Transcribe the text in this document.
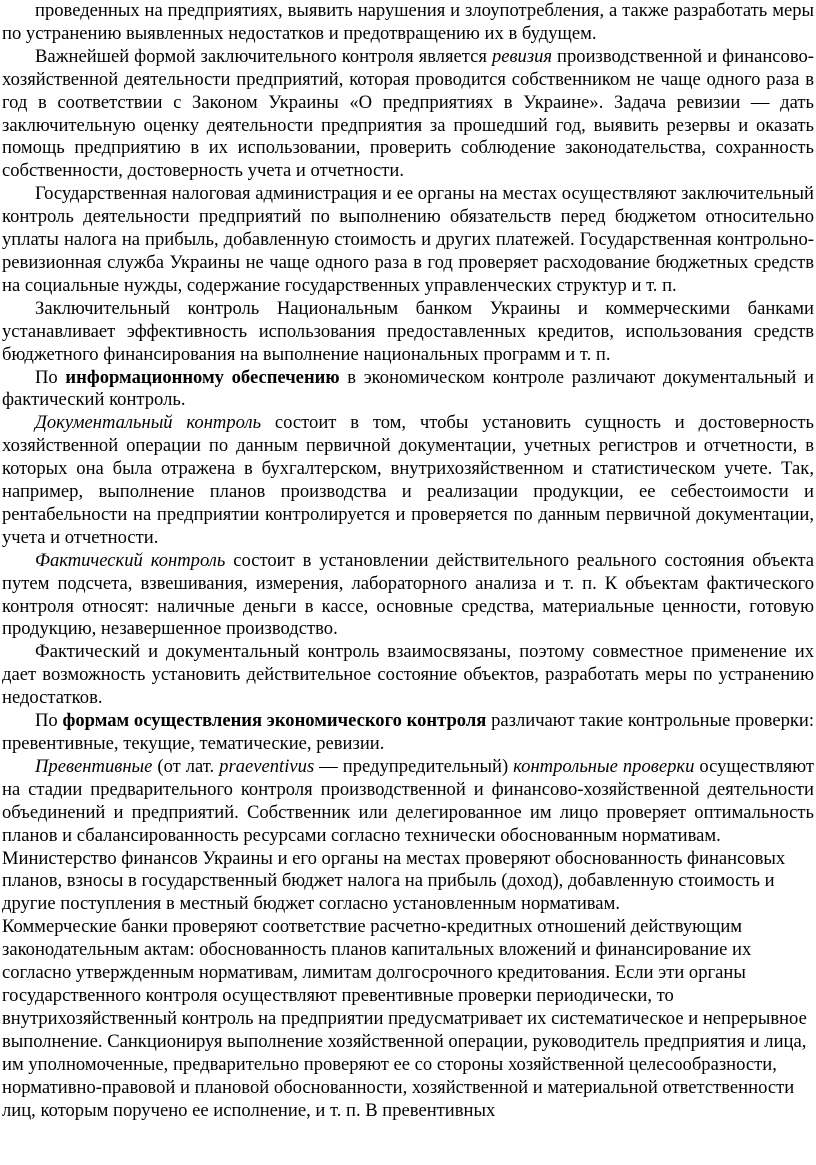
проведенных на предприятиях, выявить нарушения и злоупотребления, а также разработать меры по устранению выявленных недостатков и предотвращению их в будущем.

Важнейшей формой заключительного контроля является ревизия производственной и финансово-хозяйственной деятельности предприятий, которая проводится собственником не чаще одного раза в год в соответствии с Законом Украины «О предприятиях в Украине». Задача ревизии — дать заключительную оценку деятельности предприятия за прошедший год, выявить резервы и оказать помощь предприятию в их использовании, проверить соблюдение законодательства, сохранность собственности, достоверность учета и отчетности.

Государственная налоговая администрация и ее органы на местах осуществляют заключительный контроль деятельности предприятий по выполнению обязательств перед бюджетом относительно уплаты налога на прибыль, добавленную стоимость и других платежей. Государственная контрольно-ревизионная служба Украины не чаще одного раза в год проверяет расходование бюджетных средств на социальные нужды, содержание государственных управленческих структур и т. п.

Заключительный контроль Национальным банком Украины и коммерческими банками устанавливает эффективность использования предоставленных кредитов, использования средств бюджетного финансирования на выполнение национальных программ и т. п.

По информационному обеспечению в экономическом контроле различают документальный и фактический контроль.

Документальный контроль состоит в том, чтобы установить сущность и достоверность хозяйственной операции по данным первичной документации, учетных регистров и отчетности, в которых она была отражена в бухгалтерском, внутрихозяйственном и статистическом учете. Так, например, выполнение планов производства и реализации продукции, ее себестоимости и рентабельности на предприятии контролируется и проверяется по данным первичной документации, учета и отчетности.

Фактический контроль состоит в установлении действительного реального состояния объекта путем подсчета, взвешивания, измерения, лабораторного анализа и т. п. К объектам фактического контроля относят: наличные деньги в кассе, основные средства, материальные ценности, готовую продукцию, незавершенное производство.

Фактический и документальный контроль взаимосвязаны, поэтому совместное применение их дает возможность установить действительное состояние объектов, разработать меры по устранению недостатков.

По формам осуществления экономического контроля различают такие контрольные проверки: превентивные, текущие, тематические, ревизии.

Превентивные (от лат. praeventivus — предупредительный) контрольные проверки осуществляют на стадии предварительного контроля производственной и финансово-хозяйственной деятельности объединений и предприятий. Собственник или делегированное им лицо проверяет оптимальность планов и сбалансированность ресурсами согласно технически обоснованным нормативам.

Министерство финансов Украины и его органы на местах проверяют обоснованность финансовых планов, взносы в государственный бюджет налога на прибыль (доход), добавленную стоимость и другие поступления в местный бюджет согласно установленным нормативам.

Коммерческие банки проверяют соответствие расчетно-кредитных отношений действующим законодательным актам: обоснованность планов капитальных вложений и финансирование их согласно утвержденным нормативам, лимитам долгосрочного кредитования. Если эти органы государственного контроля осуществляют превентивные проверки периодически, то внутрихозяйственный контроль на предприятии предусматривает их систематическое и непрерывное выполнение. Санкционируя выполнение хозяйственной операции, руководитель предприятия и лица, им уполномоченные, предварительно проверяют ее со стороны хозяйственной целесообразности, нормативно-правовой и плановой обоснованности, хозяйственной и материальной ответственности лиц, которым поручено ее исполнение, и т. п. В превентивных
